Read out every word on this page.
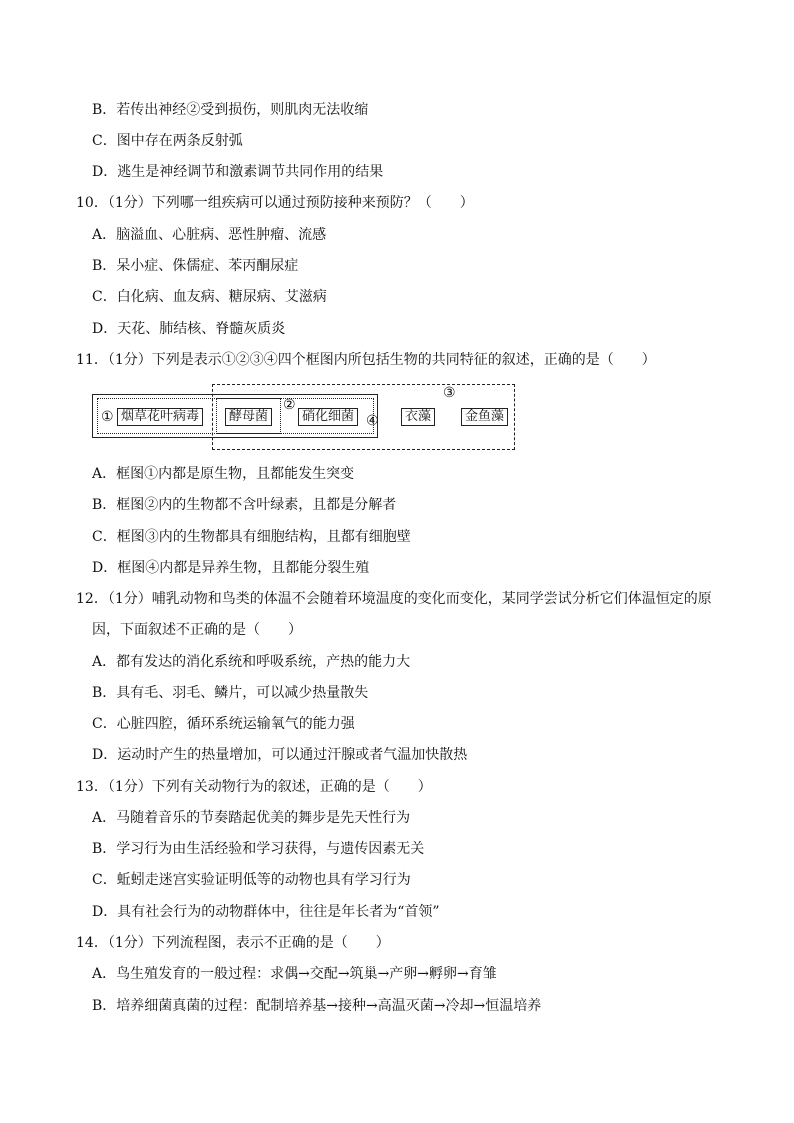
B．若传出神经②受到损伤，则肌肉无法收缩
C．图中存在两条反射弧
D．逃生是神经调节和激素调节共同作用的结果
10．（1分）下列哪一组疾病可以通过预防接种来预防？（　　）
A．脑溢血、心脏病、恶性肿瘤、流感
B．呆小症、侏儒症、苯丙酮尿症
C．白化病、血友病、糖尿病、艾滋病
D．天花、肺结核、脊髓灰质炎
11．（1分）下列是表示①②③④四个框图内所包括生物的共同特征的叙述，正确的是（　　）
① 烟草花叶病毒	酵母菌
②
硝化细菌 ④
③
衣藻	金鱼藻
A．框图①内都是原生物，且都能发生突变
B．框图②内的生物都不含叶绿素，且都是分解者
C．框图③内的生物都具有细胞结构，且都有细胞壁
D．框图④内都是异养生物，且都能分裂生殖
12．（1分）哺乳动物和鸟类的体温不会随着环境温度的变化而变化，某同学尝试分析它们体温恒定的原
因，下面叙述不正确的是（　　）
A．都有发达的消化系统和呼吸系统，产热的能力大
B．具有毛、羽毛、鳞片，可以减少热量散失
C．心脏四腔，循环系统运输氧气的能力强
D．运动时产生的热量增加，可以通过汗腺或者气温加快散热
13．（1分）下列有关动物行为的叙述，正确的是（　　）
A．马随着音乐的节奏踏起优美的舞步是先天性行为
B．学习行为由生活经验和学习获得，与遗传因素无关
C．蚯蚓走迷宫实验证明低等的动物也具有学习行为
D．具有社会行为的动物群体中，往往是年长者为“首领”
14．（1分）下列流程图，表示不正确的是（　　）
A．鸟生殖发育的一般过程：求偶→交配→筑巢→产卵→孵卵→育雏
B．培养细菌真菌的过程：配制培养基→接种→高温灭菌→冷却→恒温培养
